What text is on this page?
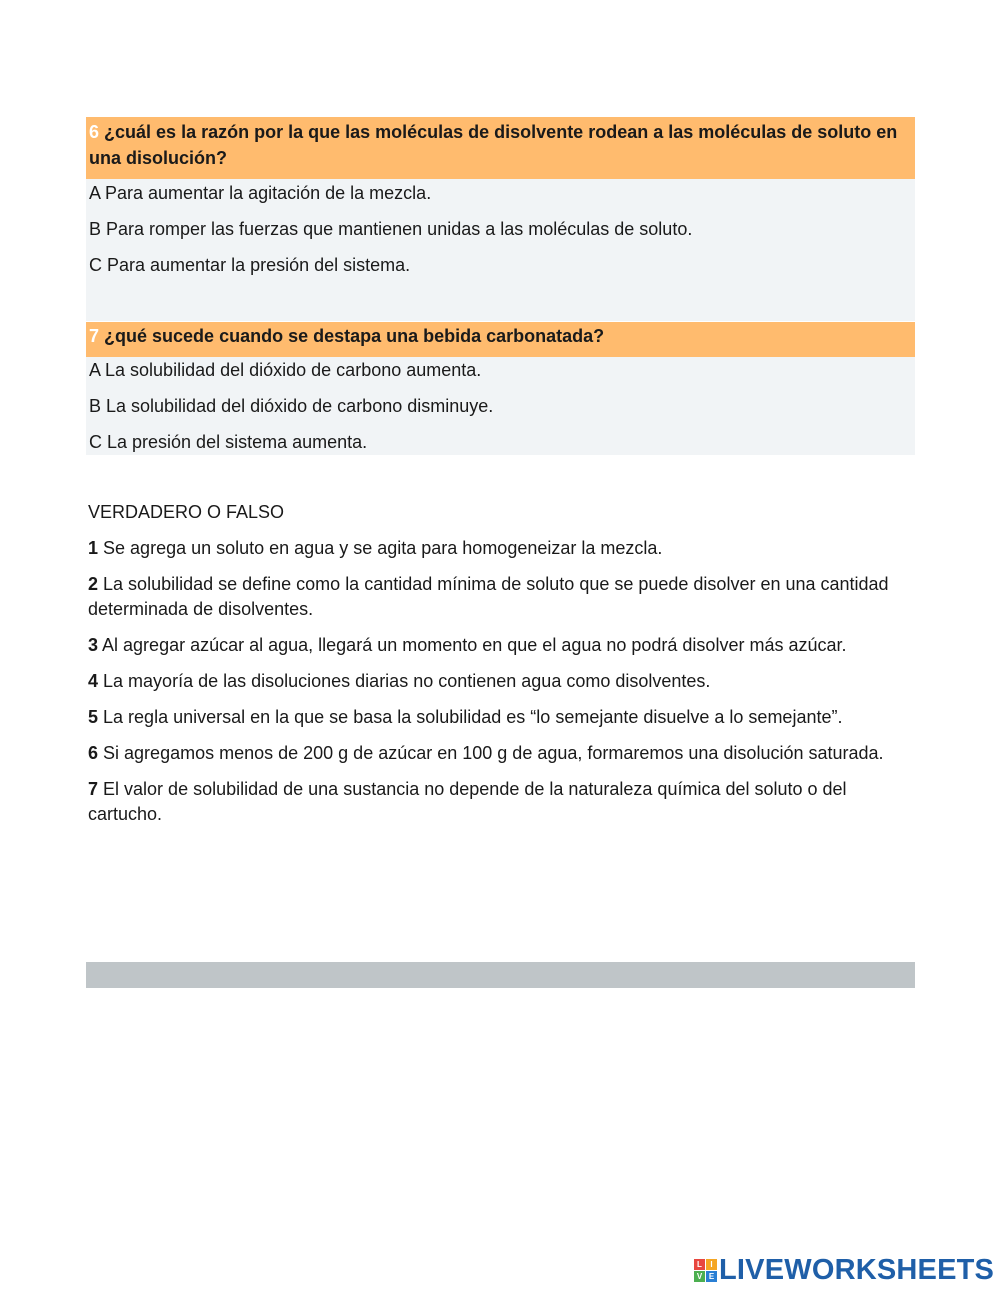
6 ¿cuál es la razón por la que las moléculas de disolvente rodean a las moléculas de soluto en una disolución?
A Para aumentar la agitación de la mezcla.
B Para romper las fuerzas que mantienen unidas a las moléculas de soluto.
C Para aumentar la presión del sistema.
7 ¿qué sucede cuando se destapa una bebida carbonatada?
A La solubilidad del dióxido de carbono aumenta.
B La solubilidad del dióxido de carbono disminuye.
C La presión del sistema aumenta.
VERDADERO O FALSO
1 Se agrega un soluto en agua y se agita para homogeneizar la mezcla.
2 La solubilidad se define como la cantidad mínima de soluto que se puede disolver en una cantidad determinada de disolventes.
3 Al agregar azúcar al agua, llegará un momento en que el agua no podrá disolver más azúcar.
4 La mayoría de las disoluciones diarias no contienen agua como disolventes.
5 La regla universal en la que se basa la solubilidad es “lo semejante disuelve a lo semejante”.
6 Si agregamos menos de 200 g de azúcar en 100 g de agua, formaremos una disolución saturada.
7 El valor de solubilidad de una sustancia no depende de la naturaleza química del soluto o del cartucho.
L	I
V E LIVEWORKSHEETS
